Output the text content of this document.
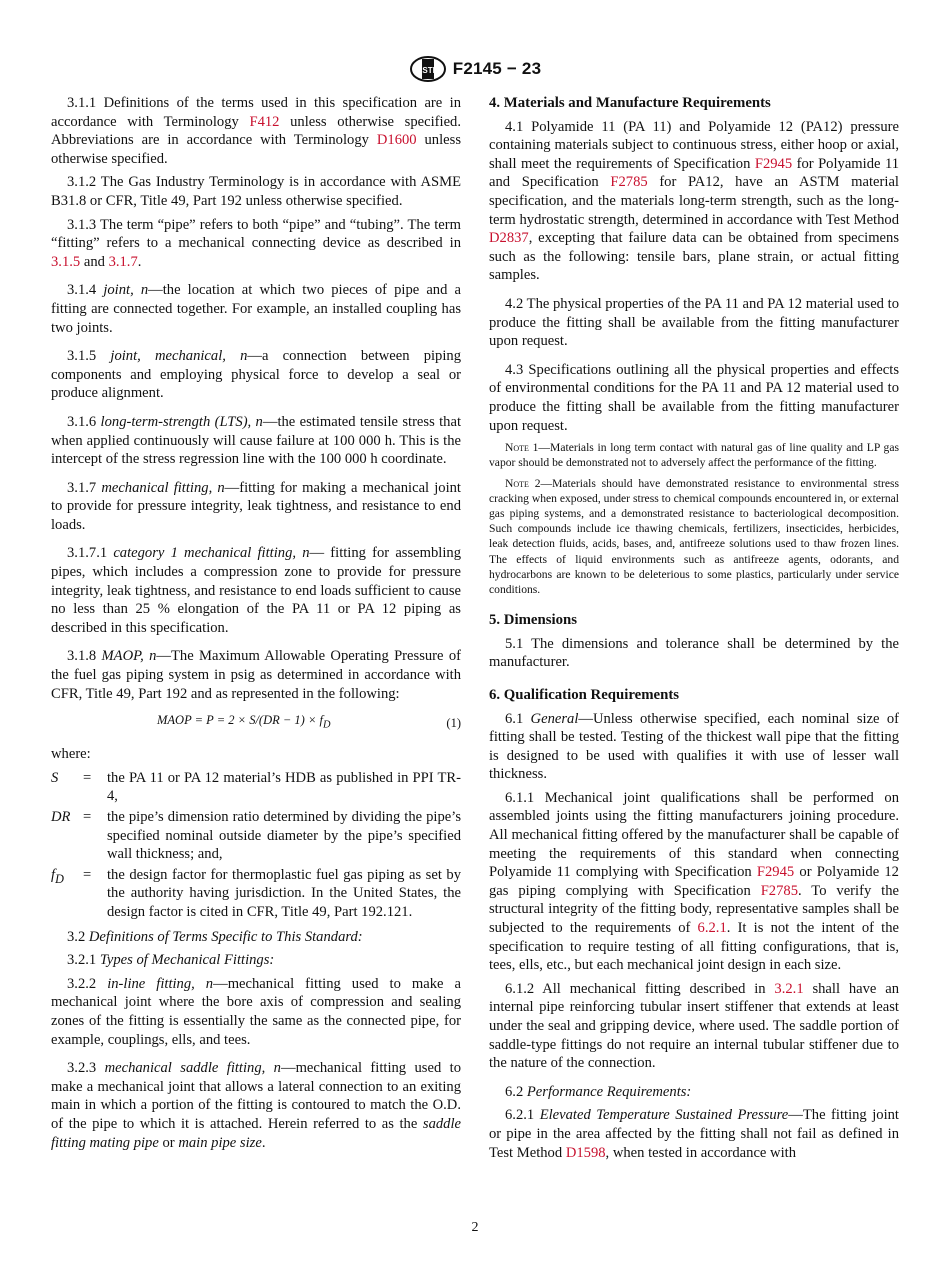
ASTM F2145 − 23

3.1.1 Definitions of the terms used in this specification are in accordance with Terminology F412 unless otherwise specified. Abbreviations are in accordance with Terminology D1600 unless otherwise specified.

3.1.2 The Gas Industry Terminology is in accordance with ASME B31.8 or CFR, Title 49, Part 192 unless otherwise specified.

3.1.3 The term “pipe” refers to both “pipe” and “tubing”. The term “fitting” refers to a mechanical connecting device as described in 3.1.5 and 3.1.7.

3.1.4 joint, n—the location at which two pieces of pipe and a fitting are connected together. For example, an installed coupling has two joints.

3.1.5 joint, mechanical, n—a connection between piping components and employing physical force to develop a seal or produce alignment.

3.1.6 long-term-strength (LTS), n—the estimated tensile stress that when applied continuously will cause failure at 100 000 h. This is the intercept of the stress regression line with the 100 000 h coordinate.

3.1.7 mechanical fitting, n—fitting for making a mechanical joint to provide for pressure integrity, leak tightness, and resistance to end loads.

3.1.7.1 category 1 mechanical fitting, n— fitting for assembling pipes, which includes a compression zone to provide for pressure integrity, leak tightness, and resistance to end loads sufficient to cause no less than 25 % elongation of the PA 11 or PA 12 piping as described in this specification.

3.1.8 MAOP, n—The Maximum Allowable Operating Pressure of the fuel gas piping system in psig as determined in accordance with CFR, Title 49, Part 192 and as represented in the following:

MAOP = $P = 2 \times S/(DR - 1) \times f_D$	(1)

where:

S	=	the PA 11 or PA 12 material’s HDB as published in PPI TR-4,
DR =	the pipe’s dimension ratio determined by dividing the pipe’s specified nominal outside diameter by the pipe’s specified wall thickness; and,
$f_D$	=	the design factor for thermoplastic fuel gas piping as set by the authority having jurisdiction. In the United States, the design factor is cited in CFR, Title 49, Part 192.121.

3.2 Definitions of Terms Specific to This Standard:

3.2.1 Types of Mechanical Fittings:

3.2.2 in-line fitting, n—mechanical fitting used to make a mechanical joint where the bore axis of compression and sealing zones of the fitting is essentially the same as the connected pipe, for example, couplings, ells, and tees.

3.2.3 mechanical saddle fitting, n—mechanical fitting used to make a mechanical joint that allows a lateral connection to an exiting main in which a portion of the fitting is contoured to match the O.D. of the pipe to which it is attached. Herein referred to as the saddle fitting mating pipe or main pipe size.

4. Materials and Manufacture Requirements

4.1 Polyamide 11 (PA 11) and Polyamide 12 (PA12) pressure containing materials subject to continuous stress, either hoop or axial, shall meet the requirements of Specification F2945 for Polyamide 11 and Specification F2785 for PA12, have an ASTM material specification, and the materials long-term strength, such as the long-term hydrostatic strength, determined in accordance with Test Method D2837, excepting that failure data can be obtained from specimens such as the following: tensile bars, plane strain, or actual fitting samples.

4.2 The physical properties of the PA 11 and PA 12 material used to produce the fitting shall be available from the fitting manufacturer upon request.

4.3 Specifications outlining all the physical properties and effects of environmental conditions for the PA 11 and PA 12 material used to produce the fitting shall be available from the fitting manufacturer upon request.

Note 1—Materials in long term contact with natural gas of line quality and LP gas vapor should be demonstrated not to adversely affect the performance of the fitting.

Note 2—Materials should have demonstrated resistance to environmental stress cracking when exposed, under stress to chemical compounds encountered in, or external gas piping systems, and a demonstrated resistance to bacteriological decomposition. Such compounds include ice thawing chemicals, fertilizers, insecticides, herbicides, leak detection fluids, acids, bases, and, antifreeze solutions used to thaw frozen lines. The effects of liquid environments such as antifreeze agents, odorants, and hydrocarbons are known to be deleterious to some plastics, particularly under service conditions.

5. Dimensions

5.1 The dimensions and tolerance shall be determined by the manufacturer.

6. Qualification Requirements

6.1 General—Unless otherwise specified, each nominal size of fitting shall be tested. Testing of the thickest wall pipe that the fitting is designed to be used with qualifies it with use of lesser wall thickness.

6.1.1 Mechanical joint qualifications shall be performed on assembled joints using the fitting manufacturers joining procedure. All mechanical fitting offered by the manufacturer shall be capable of meeting the requirements of this standard when connecting Polyamide 11 complying with Specification F2945 or Polyamide 12 gas piping complying with Specification F2785. To verify the structural integrity of the fitting body, representative samples shall be subjected to the requirements of 6.2.1. It is not the intent of the specification to require testing of all fitting configurations, that is, tees, ells, etc., but each mechanical joint design in each size.

6.1.2 All mechanical fitting described in 3.2.1 shall have an internal pipe reinforcing tubular insert stiffener that extends at least under the seal and gripping device, where used. The saddle portion of saddle-type fittings do not require an internal tubular stiffener due to the nature of the connection.

6.2 Performance Requirements:

6.2.1 Elevated Temperature Sustained Pressure—The fitting joint or pipe in the area affected by the fitting shall not fail as defined in Test Method D1598, when tested in accordance with

2
